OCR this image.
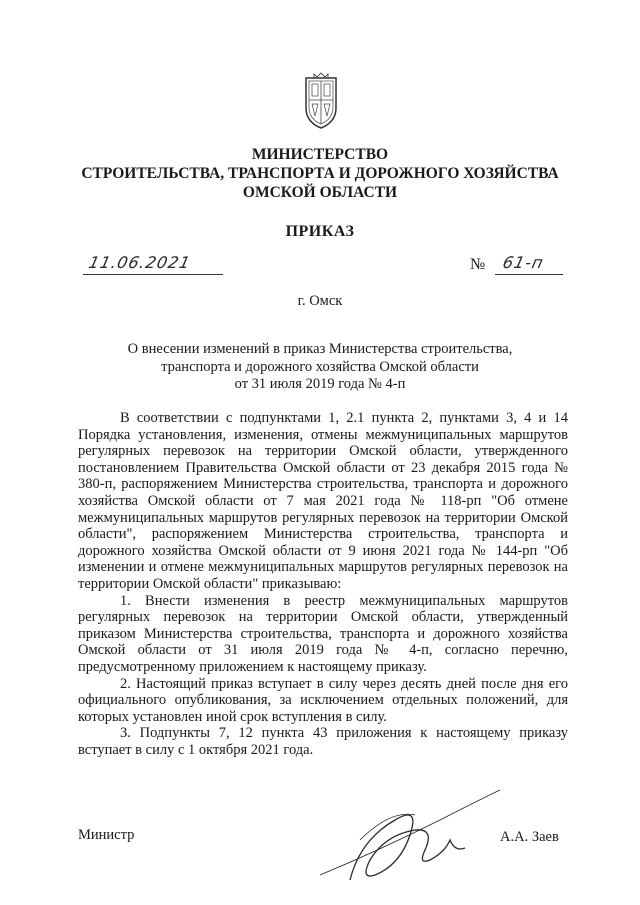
МИНИСТЕРСТВО
СТРОИТЕЛЬСТВА, ТРАНСПОРТА И ДОРОЖНОГО ХОЗЯЙСТВА
ОМСКОЙ ОБЛАСТИ
ПРИКАЗ
11.06.2021	№ 61-п
г. Омск
О внесении изменений в приказ Министерства строительства,
транспорта и дорожного хозяйства Омской области
от 31 июля 2019 года № 4-п

В соответствии с подпунктами 1, 2.1 пункта 2, пунктами 3, 4 и 14 Порядка установления, изменения, отмены межмуниципальных маршрутов регулярных перевозок на территории Омской области, утвержденного постановлением Правительства Омской области от 23 декабря 2015 года № 380-п, распоряжением Министерства строительства, транспорта и дорожного хозяйства Омской области от 7 мая 2021 года № 118-рп "Об отмене межмуниципальных маршрутов регулярных перевозок на территории Омской области", распоряжением Министерства строительства, транспорта и дорожного хозяйства Омской области от 9 июня 2021 года № 144-рп "Об изменении и отмене межмуниципальных маршрутов регулярных перевозок на территории Омской области" приказываю:

1. Внести изменения в реестр межмуниципальных маршрутов регулярных перевозок на территории Омской области, утвержденный приказом Министерства строительства, транспорта и дорожного хозяйства Омской области от 31 июля 2019 года № 4-п, согласно перечню, предусмотренному приложением к настоящему приказу.

2. Настоящий приказ вступает в силу через десять дней после дня его официального опубликования, за исключением отдельных положений, для которых установлен иной срок вступления в силу.

3. Подпункты 7, 12 пункта 43 приложения к настоящему приказу вступает в силу с 1 октября 2021 года.

Министр	А.А. Заев
